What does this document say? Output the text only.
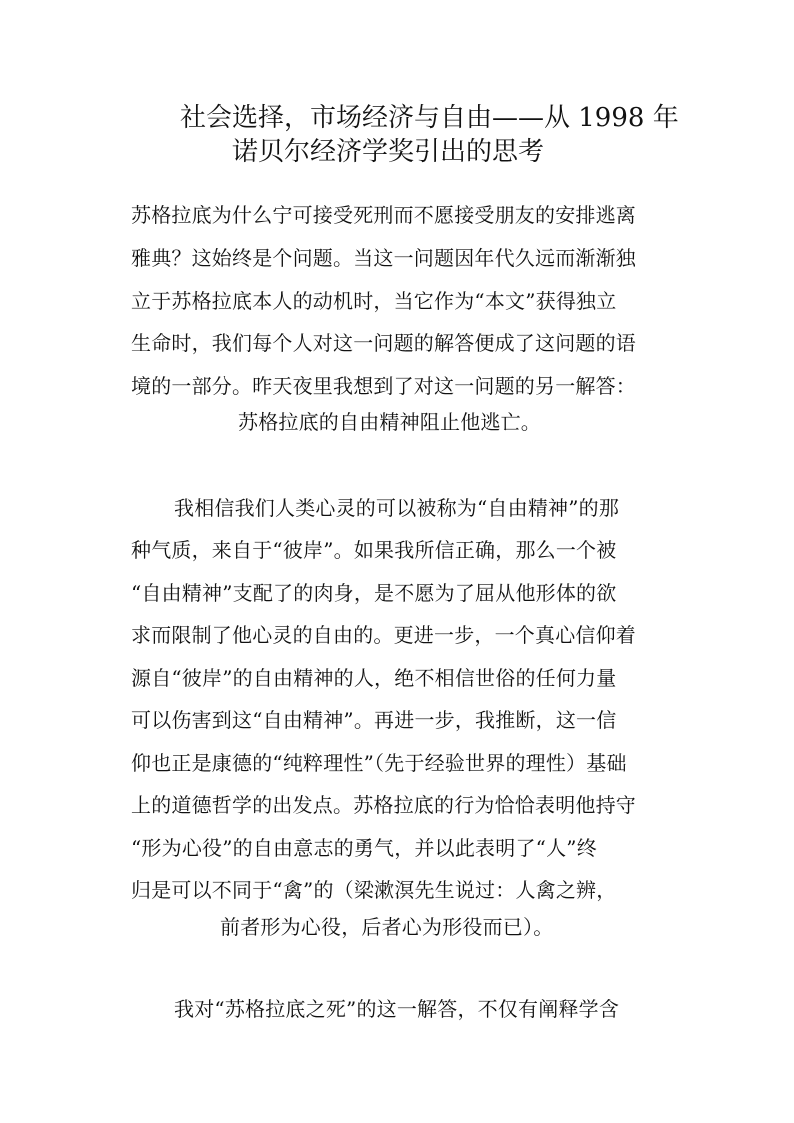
社会选择，市场经济与自由——从 1998 年
诺贝尔经济学奖引出的思考
苏格拉底为什么宁可接受死刑而不愿接受朋友的安排逃离
雅典？这始终是个问题。当这一问题因年代久远而渐渐独
立于苏格拉底本人的动机时，当它作为“本文”获得独立
生命时，我们每个人对这一问题的解答便成了这问题的语
境的一部分。昨天夜里我想到了对这一问题的另一解答：
苏格拉底的自由精神阻止他逃亡。
我相信我们人类心灵的可以被称为“自由精神”的那
种气质，来自于“彼岸”。如果我所信正确，那么一个被
“自由精神”支配了的肉身，是不愿为了屈从他形体的欲
求而限制了他心灵的自由的。更进一步，一个真心信仰着
源自“彼岸”的自由精神的人，绝不相信世俗的任何力量
可以伤害到这“自由精神”。再进一步，我推断，这一信
仰也正是康德的“纯粹理性”（先于经验世界的理性）基础
上的道德哲学的出发点。苏格拉底的行为恰恰表明他持守
“形为心役”的自由意志的勇气，并以此表明了“人”终
归是可以不同于“禽”的（梁漱溟先生说过：人禽之辨，
前者形为心役，后者心为形役而已）。
我对“苏格拉底之死”的这一解答，不仅有阐释学含
